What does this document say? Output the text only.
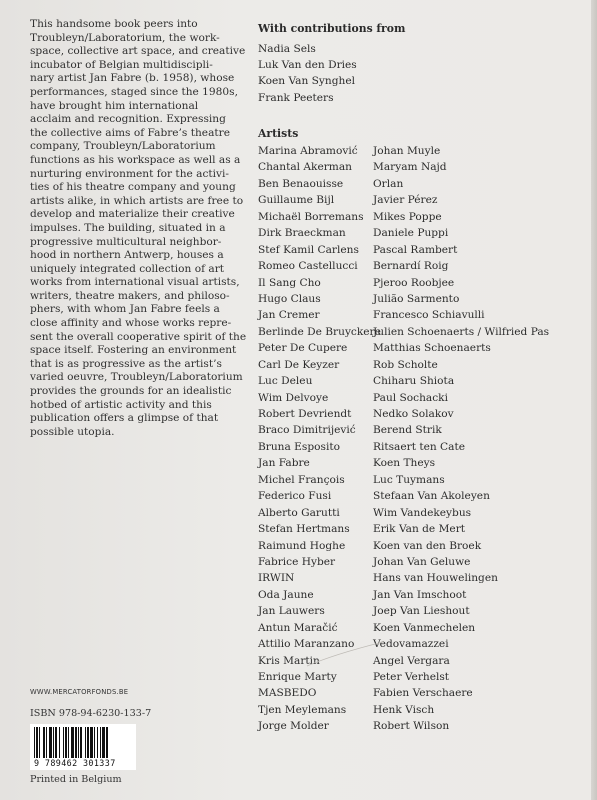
This handsome book peers into
Troubleyn/Laboratorium, the work-
space, collective art space, and creative
incubator of Belgian multidiscipli-
nary artist Jan Fabre (b. 1958), whose
performances, staged since the 1980s,
have brought him international
acclaim and recognition. Expressing
the collective aims of Fabre’s theatre
company, Troubleyn/Laboratorium
functions as his workspace as well as a
nurturing environment for the activi-
ties of his theatre company and young
artists alike, in which artists are free to
develop and materialize their creative
impulses. The building, situated in a
progressive multicultural neighbor-
hood in northern Antwerp, houses a
uniquely integrated collection of art
works from international visual artists,
writers, theatre makers, and philoso-
phers, with whom Jan Fabre feels a
close affinity and whose works repre-
sent the overall cooperative spirit of the
space itself. Fostering an environment
that is as progressive as the artist’s
varied oeuvre, Troubleyn/Laboratorium
provides the grounds for an idealistic
hotbed of artistic activity and this
publication offers a glimpse of that
possible utopia.
With contributions from
Nadia Sels
Luk Van den Dries
Koen Van Synghel
Frank Peeters
Artists
Marina Abramović
Chantal Akerman
Ben Benaouisse
Guillaume Bijl
Michaël Borremans
Dirk Braeckman
Stef Kamil Carlens
Romeo Castellucci
Il Sang Cho
Hugo Claus
Jan Cremer
Berlinde De Bruyckere
Peter De Cupere
Carl De Keyzer
Luc Deleu
Wim Delvoye
Robert Devriendt
Braco Dimitrijević
Bruna Esposito
Jan Fabre
Michel François
Federico Fusi
Alberto Garutti
Stefan Hertmans
Raimund Hoghe
Fabrice Hyber
IRWIN
Oda Jaune
Jan Lauwers
Antun Maračić
Attilio Maranzano
Kris Martin
Enrique Marty
MASBEDO
Tjen Meylemans
Jorge Molder
Johan Muyle
Maryam Najd
Orlan
Javier Pérez
Mikes Poppe
Daniele Puppi
Pascal Rambert
Bernardí Roig
Pjeroo Roobjee
Julião Sarmento
Francesco Schiavulli
Julien Schoenaerts / Wilfried Pas
Matthias Schoenaerts
Rob Scholte
Chiharu Shiota
Paul Sochacki
Nedko Solakov
Berend Strik
Ritsaert ten Cate
Koen Theys
Luc Tuymans
Stefaan Van Akoleyen
Wim Vandekeybus
Erik Van de Mert
Koen van den Broek
Johan Van Geluwe
Hans van Houwelingen
Jan Van Imschoot
Joep Van Lieshout
Koen Vanmechelen
Vedovamazzei
Angel Vergara
Peter Verhelst
Fabien Verschaere
Henk Visch
Robert Wilson
WWW.MERCATORFONDS.BE
ISBN 978-94-6230-133-7
9 789462 301337
Printed in Belgium
